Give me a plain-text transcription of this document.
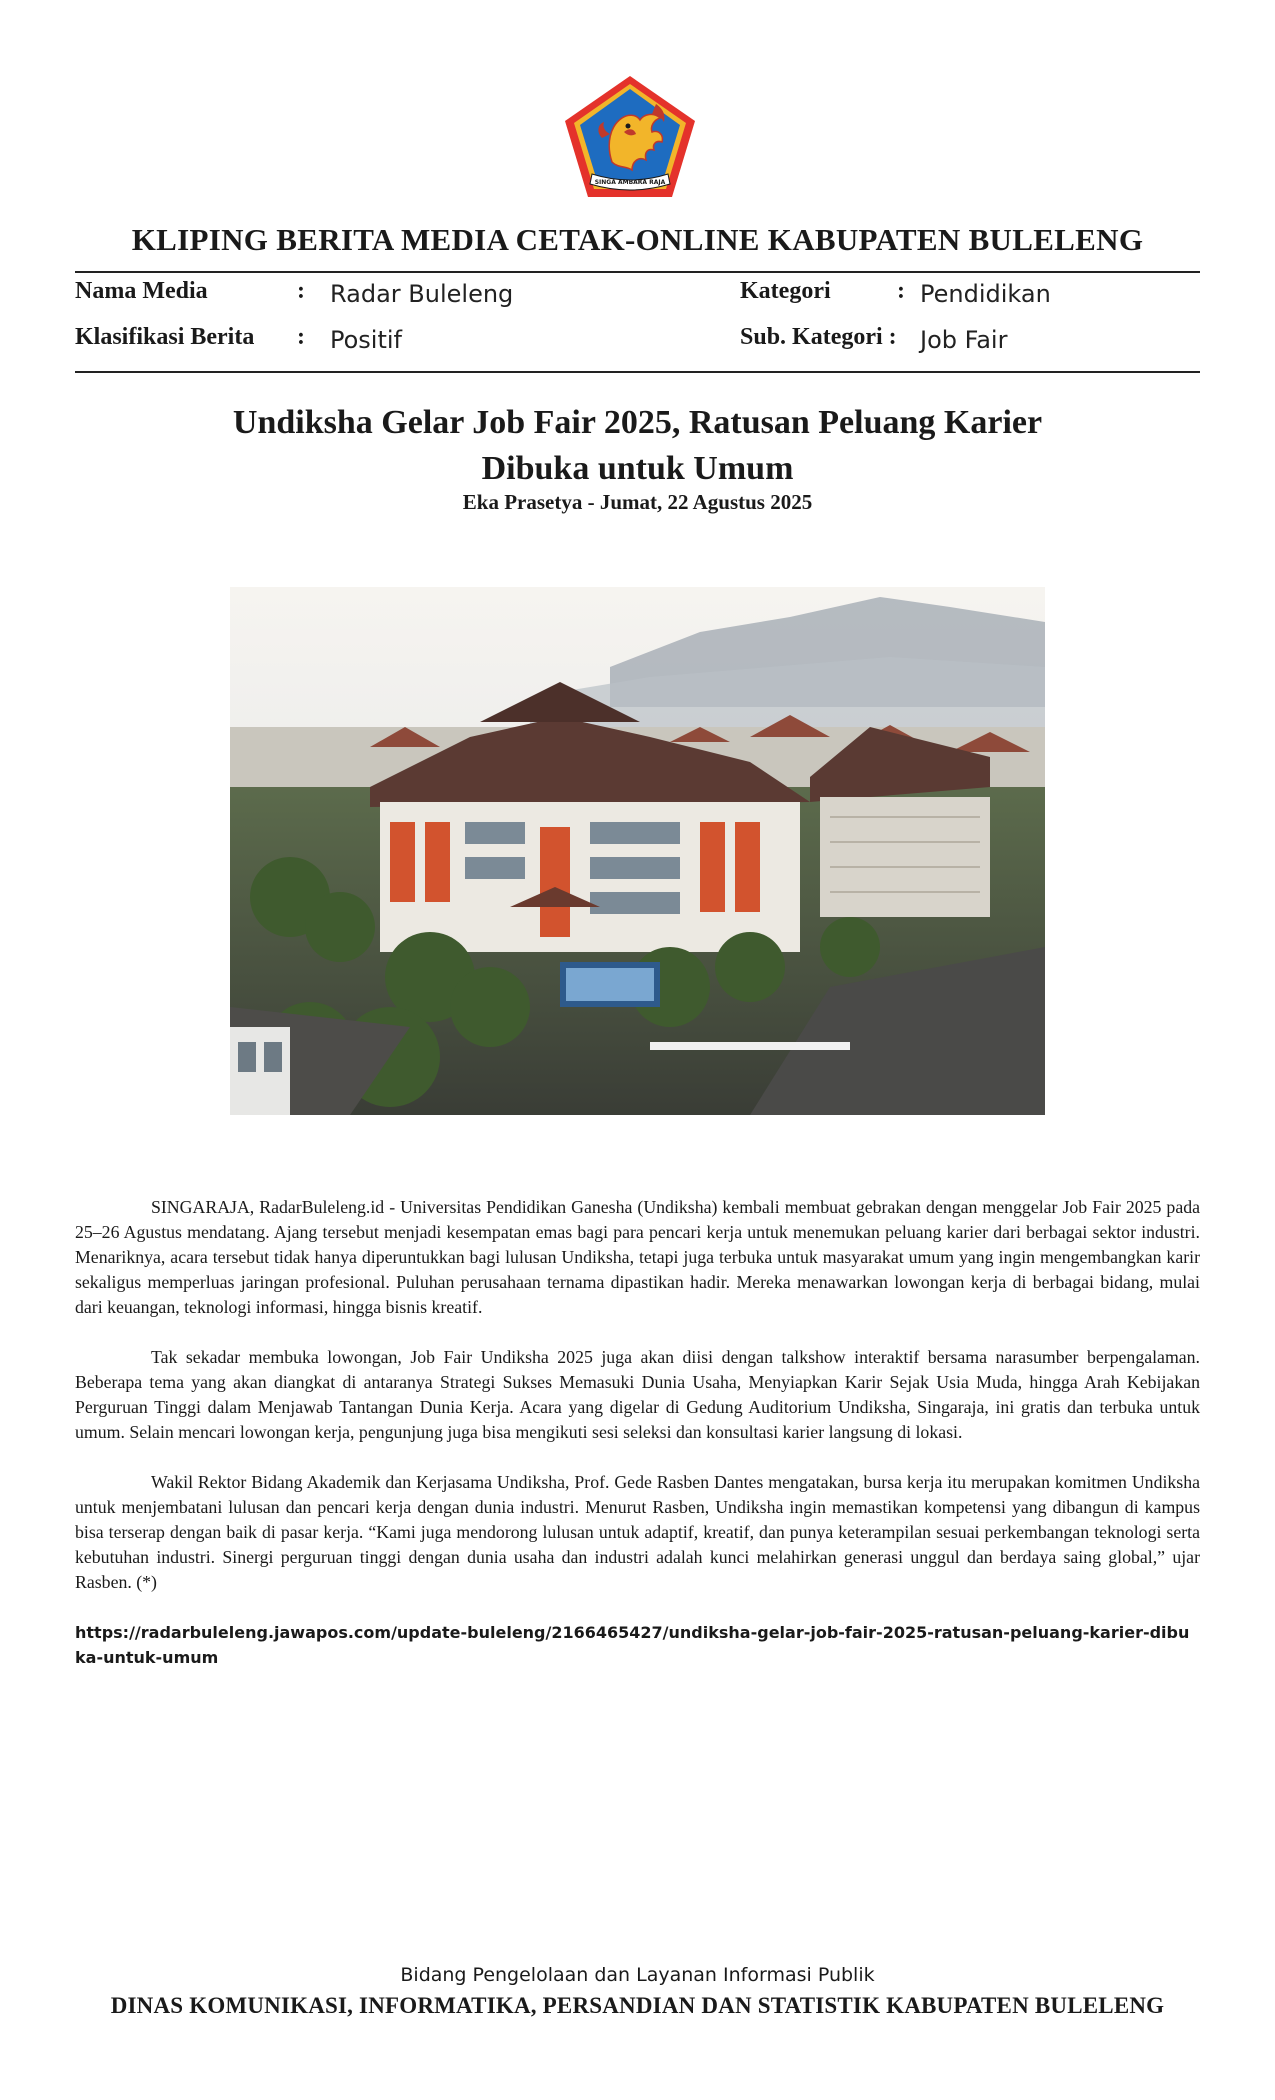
SINGA AMBARA RAJA
KLIPING BERITA MEDIA CETAK-ONLINE KABUPATEN BULELENG
Nama Media	: Radar Buleleng
Klasifikasi Berita : Positif
Kategori	: Pendidikan
Sub. Kategori : Job Fair
Undiksha Gelar Job Fair 2025, Ratusan Peluang Karier
Dibuka untuk Umum
Eka Prasetya - Jumat, 22 Agustus 2025

SINGARAJA, RadarBuleleng.id - Universitas Pendidikan Ganesha (Undiksha) kembali membuat gebrakan dengan menggelar Job Fair 2025 pada 25–26 Agustus mendatang. Ajang tersebut menjadi kesempatan emas bagi para pencari kerja untuk menemukan peluang karier dari berbagai sektor industri. Menariknya, acara tersebut tidak hanya diperuntukkan bagi lulusan Undiksha, tetapi juga terbuka untuk masyarakat umum yang ingin mengembangkan karir sekaligus memperluas jaringan profesional. Puluhan perusahaan ternama dipastikan hadir. Mereka menawarkan lowongan kerja di berbagai bidang, mulai dari keuangan, teknologi informasi, hingga bisnis kreatif.

Tak sekadar membuka lowongan, Job Fair Undiksha 2025 juga akan diisi dengan talkshow interaktif bersama narasumber berpengalaman. Beberapa tema yang akan diangkat di antaranya Strategi Sukses Memasuki Dunia Usaha, Menyiapkan Karir Sejak Usia Muda, hingga Arah Kebijakan Perguruan Tinggi dalam Menjawab Tantangan Dunia Kerja. Acara yang digelar di Gedung Auditorium Undiksha, Singaraja, ini gratis dan terbuka untuk umum. Selain mencari lowongan kerja, pengunjung juga bisa mengikuti sesi seleksi dan konsultasi karier langsung di lokasi.

Wakil Rektor Bidang Akademik dan Kerjasama Undiksha, Prof. Gede Rasben Dantes mengatakan, bursa kerja itu merupakan komitmen Undiksha untuk menjembatani lulusan dan pencari kerja dengan dunia industri. Menurut Rasben, Undiksha ingin memastikan kompetensi yang dibangun di kampus bisa terserap dengan baik di pasar kerja. “Kami juga mendorong lulusan untuk adaptif, kreatif, dan punya keterampilan sesuai perkembangan teknologi serta kebutuhan industri. Sinergi perguruan tinggi dengan dunia usaha dan industri adalah kunci melahirkan generasi unggul dan berdaya saing global,” ujar Rasben. (*)

https://radarbuleleng.jawapos.com/update-buleleng/2166465427/undiksha-gelar-job-fair-2025-ratusan-peluang-karier-dibuka-untuk-umum

Bidang Pengelolaan dan Layanan Informasi Publik
DINAS KOMUNIKASI, INFORMATIKA, PERSANDIAN DAN STATISTIK KABUPATEN BULELENG
